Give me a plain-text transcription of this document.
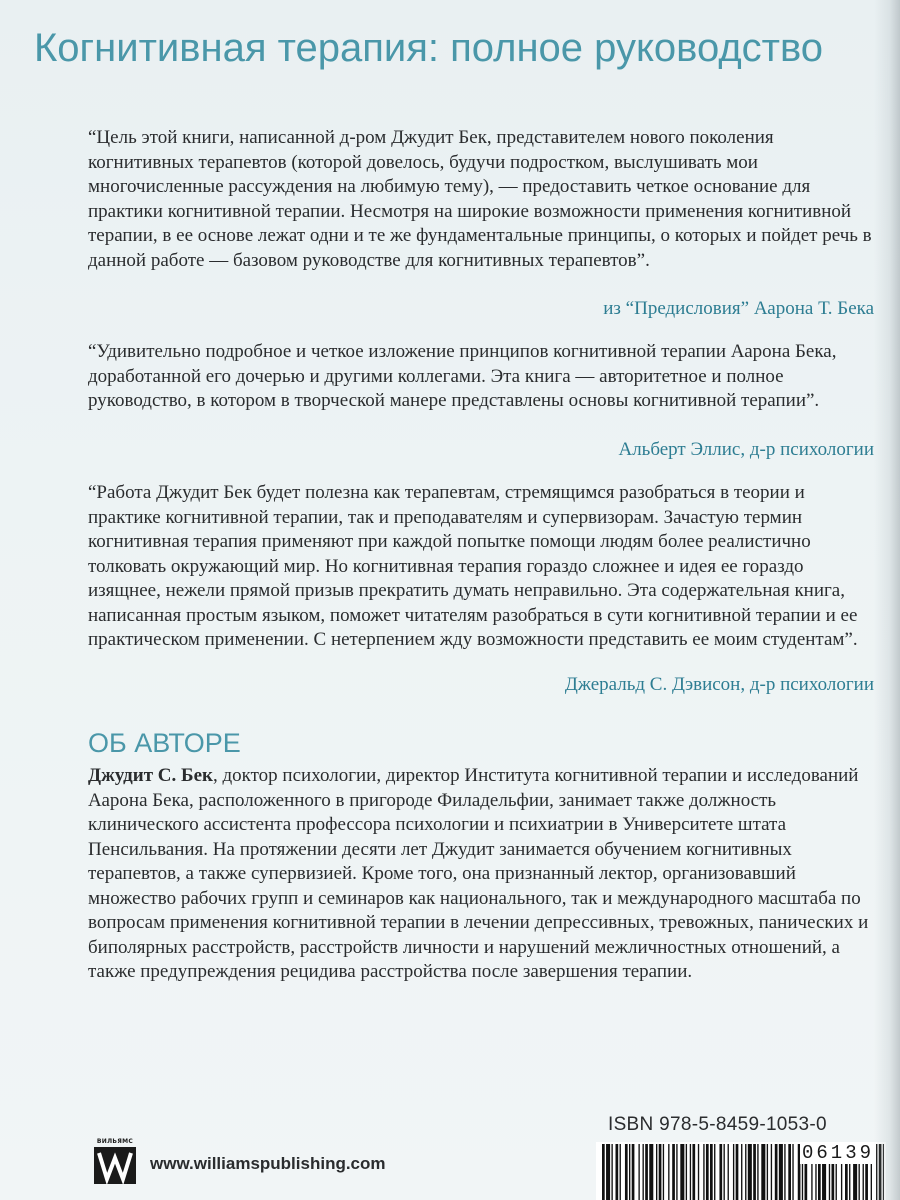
Когнитивная терапия: полное руководство
“Цель этой книги, написанной д-ром Джудит Бек, представителем нового поколения когнитивных терапевтов (которой довелось, будучи подростком, выслушивать мои многочисленные рассуждения на любимую тему), — предоставить четкое основание для практики когнитивной терапии. Несмотря на широкие возможности применения когнитивной терапии, в ее основе лежат одни и те же фундаментальные принципы, о которых и пойдет речь в данной работе — базовом руководстве для когнитивных терапевтов”.
из “Предисловия” Аарона Т. Бека
“Удивительно подробное и четкое изложение принципов когнитивной терапии Аарона Бека, доработанной его дочерью и другими коллегами. Эта книга — авторитетное и полное руководство, в котором в творческой манере представлены основы когнитивной терапии”.
Альберт Эллис, д-р психологии
“Работа Джудит Бек будет полезна как терапевтам, стремящимся разобраться в теории и практике когнитивной терапии, так и преподавателям и супервизорам. Зачастую термин когнитивная терапия применяют при каждой попытке помощи людям более реалистично толковать окружающий мир. Но когнитивная терапия гораздо сложнее и идея ее гораздо изящнее, нежели прямой призыв прекратить думать неправильно. Эта содержательная книга, написанная простым языком, поможет читателям разобраться в сути когнитивной терапии и ее практическом применении. С нетерпением жду возможности представить ее моим студентам”.
Джеральд С. Дэвисон, д-р психологии
ОБ АВТОРЕ
Джудит С. Бек, доктор психологии, директор Института когнитивной терапии и исследований Аарона Бека, расположенного в пригороде Филадельфии, занимает также должность клинического ассистента профессора психологии и психиатрии в Университете штата Пенсильвания. На протяжении десяти лет Джудит занимается обучением когнитивных терапевтов, а также супервизией. Кроме того, она признанный лектор, организовавший множество рабочих групп и семинаров как национального, так и международного масштаба по вопросам применения когнитивной терапии в лечении депрессивных, тревожных, панических и биполярных расстройств, расстройств личности и нарушений межличностных отношений, а также предупреждения рецидива расстройства после завершения терапии.
ISBN 978-5-8459-1053-0
06139
ВИЛЬЯМС
www.williamspublishing.com
